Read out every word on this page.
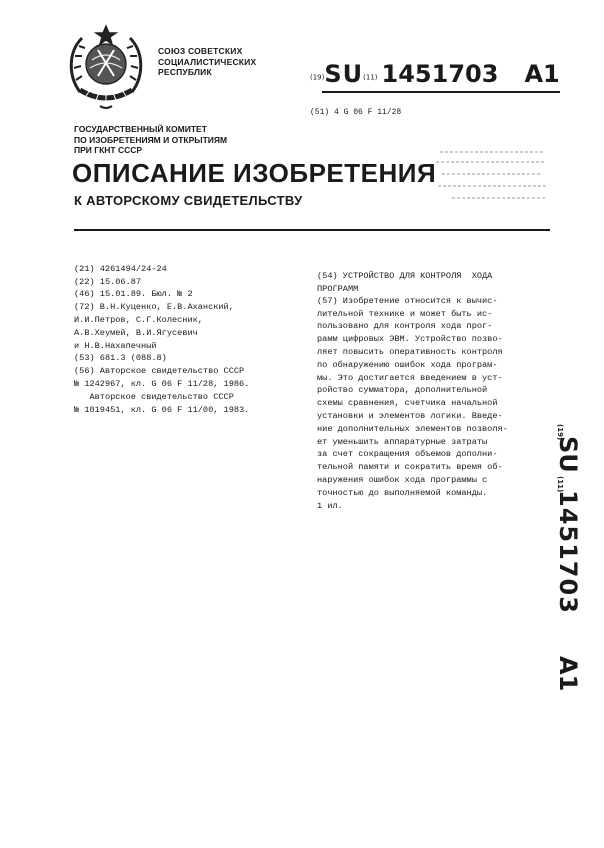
СОЮЗ СОВЕТСКИХ
СОЦИАЛИСТИЧЕСКИХ
РЕСПУБЛИК
(19)SU(11) 1451703 A1
(51) 4 G 06 F 11/28
ГОСУДАРСТВЕННЫЙ КОМИТЕТ
ПО ИЗОБРЕТЕНИЯМ И ОТКРЫТИЯМ
ПРИ ГКНТ СССР
ОПИСАНИЕ ИЗОБРЕТЕНИЯ
К АВТОРСКОМУ СВИДЕТЕЛЬСТВУ

(21) 4261494/24-24
(22) 15.06.87
(46) 15.01.89. Бюл. № 2
(72) В.Н.Куценко, Е.В.Аханский,
И.И.Петров, С.Г.Колесник,
А.В.Хеумей, В.И.Ягусевич
и Н.В.Нахапечный
(53) 681.3 (088.8)
(56) Авторское свидетельство СССР
№ 1242967, кл. G 06 F 11/28, 1986.
Авторское свидетельство СССР
№ 1019451, кл. G 06 F 11/00, 1983.

(54) УСТРОЙСТВО ДЛЯ КОНТРОЛЯ  ХОДА
ПРОГРАММ

(57) Изобретение относится к вычис-
лительной технике и может быть ис-
пользовано для контроля хода прог-
рамм цифровых ЭВМ. Устройство позво-
ляет повысить оперативность контроля
по обнаружению ошибок хода програм-
мы. Это достигается введением в уст-
ройство сумматора, дополнительной
схемы сравнения, счетчика начальной
установки и элементов логики. Введе-
ние дополнительных элементов позволя-
ет уменьшить аппаратурные затраты
за счет сокращения объемов дополни-
тельной памяти и сократить время об-
наружения ошибок хода программы с
точностью до выполняемой команды.
1 ил.

(19)
SU
(11)
1451703
A1
